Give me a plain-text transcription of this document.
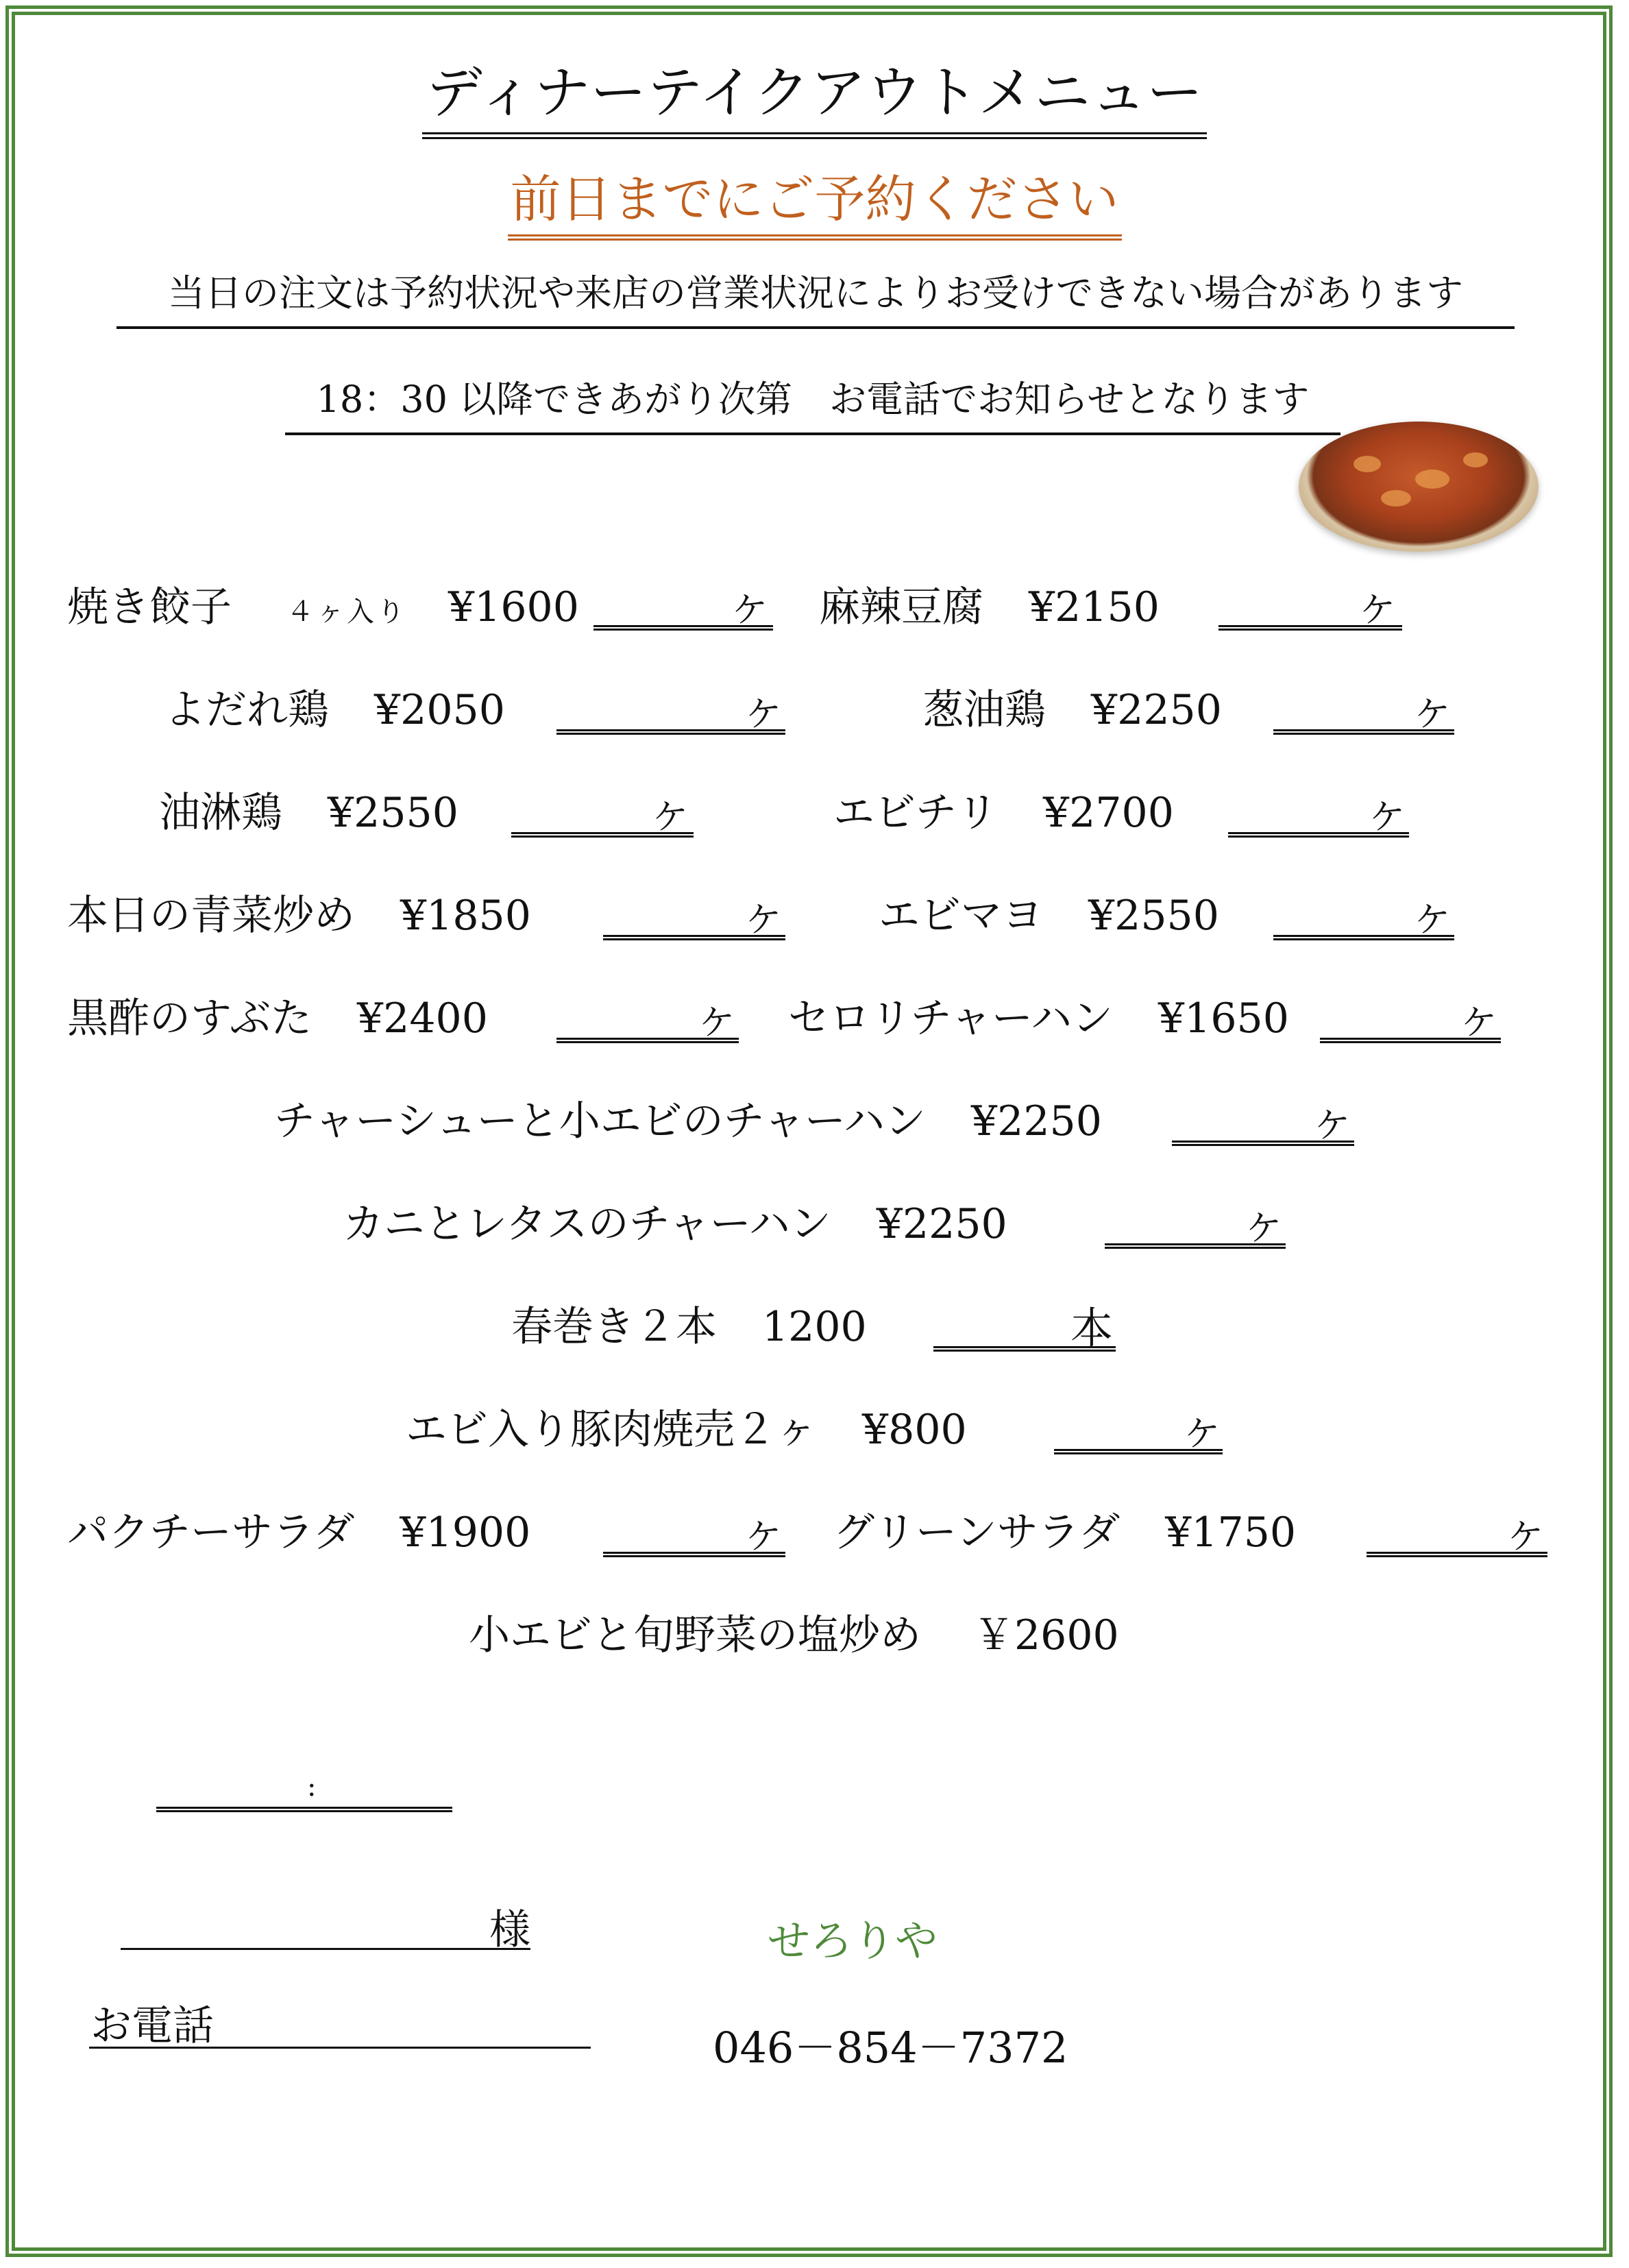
ディナーテイクアウトメニュー
前日までにご予約ください
当日の注文は予約状況や来店の営業状況によりお受けできない場合があります
18：30 以降できあがり次第　お電話でお知らせとなります
焼き餃子 ４ヶ入り ¥1600	ケ 麻辣豆腐 ¥2150	ケ
よだれ鶏 ¥2050	ケ	葱油鶏 ¥2250	ケ
油淋鶏 ¥2550	ケ	エビチリ ¥2700	ケ
本日の青菜炒め ¥1850	ケ エビマヨ ¥2550	ケ
黒酢のすぶた ¥2400	ケ セロリチャーハン ¥1650	ケ
チャーシューと小エビのチャーハン ¥2250	ケ
カニとレタスのチャーハン ¥2250	ケ
春巻き２本 1200	本
エビ入り豚肉焼売２ヶ ¥800	ケ
パクチーサラダ ¥1900	ケ グリーンサラダ ¥1750	ケ
小エビと旬野菜の塩炒め ￥2600
:
様
お電話
せろりや
046－854－7372
